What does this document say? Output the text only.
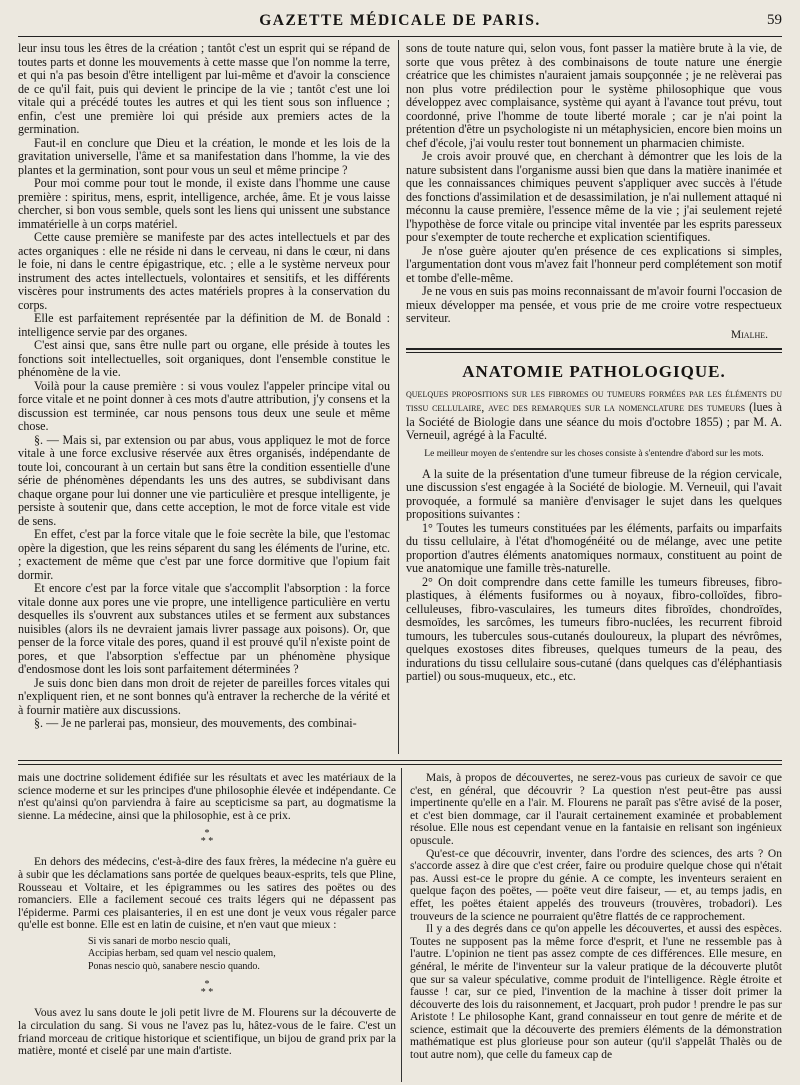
GAZETTE MÉDICALE DE PARIS.	59

leur insu tous les êtres de la création ; tantôt c'est un esprit qui se répand de toutes parts et donne les mouvements à cette masse que l'on nomme la terre, et qui n'a pas besoin d'être intelligent par lui-même et d'avoir la conscience de ce qu'il fait, puis qui devient le principe de la vie ; tantôt c'est une loi vitale qui a précédé toutes les autres et qui les tient sous son influence ; enfin, c'est une première loi qui préside aux premiers actes de la germination.

Faut-il en conclure que Dieu et la création, le monde et les lois de la gravitation universelle, l'âme et sa manifestation dans l'homme, la vie des plantes et la germination, sont pour vous un seul et même principe ?

Pour moi comme pour tout le monde, il existe dans l'homme une cause première : spiritus, mens, esprit, intelligence, archée, âme. Et je vous laisse chercher, si bon vous semble, quels sont les liens qui unissent une substance immatérielle à un corps matériel.

Cette cause première se manifeste par des actes intellectuels et par des actes organiques : elle ne réside ni dans le cerveau, ni dans le cœur, ni dans le foie, ni dans le centre épigastrique, etc. ; elle a le système nerveux pour instrument des actes intellectuels, volontaires et sensitifs, et les différents viscères pour instruments des actes matériels propres à la conservation du corps.

Elle est parfaitement représentée par la définition de M. de Bonald : intelligence servie par des organes.

C'est ainsi que, sans être nulle part ou organe, elle préside à toutes les fonctions soit intellectuelles, soit organiques, dont l'ensemble constitue le phénomène de la vie.

Voilà pour la cause première : si vous voulez l'appeler principe vital ou force vitale et ne point donner à ces mots d'autre attribution, j'y consens et la discussion est terminée, car nous pensons tous deux une seule et même chose.

§. — Mais si, par extension ou par abus, vous appliquez le mot de force vitale à une force exclusive réservée aux êtres organisés, indépendante de toute loi, concourant à un certain but sans être la condition essentielle d'une série de phénomènes dépendants les uns des autres, se subdivisant dans chaque organe pour lui donner une vie particulière et presque intelligente, je persiste à soutenir que, dans cette acception, le mot de force vitale est vide de sens.

En effet, c'est par la force vitale que le foie secrète la bile, que l'estomac opère la digestion, que les reins séparent du sang les éléments de l'urine, etc. ; exactement de même que c'est par une force dormitive que l'opium fait dormir.

Et encore c'est par la force vitale que s'accomplit l'absorption : la force vitale donne aux pores une vie propre, une intelligence particulière en vertu desquelles ils s'ouvrent aux substances utiles et se ferment aux substances nuisibles (alors ils ne devraient jamais livrer passage aux poisons). Or, que penser de la force vitale des pores, quand il est prouvé qu'il n'existe point de pores, et que l'absorption s'effectue par un phénomène physique d'endosmose dont les lois sont parfaitement déterminées ?

Je suis donc bien dans mon droit de rejeter de pareilles forces vitales qui n'expliquent rien, et ne sont bonnes qu'à entraver la recherche de la vérité et à fournir matière aux discussions.

§. — Je ne parlerai pas, monsieur, des mouvements, des combinai-

sons de toute nature qui, selon vous, font passer la matière brute à la vie, de sorte que vous prêtez à des combinaisons de toute nature une énergie créatrice que les chimistes n'auraient jamais soupçonnée ; je ne relèverai pas non plus votre prédilection pour le système philosophique que vous développez avec complaisance, système qui ayant à l'avance tout prévu, tout coordonné, prive l'homme de toute liberté morale ; car je n'ai point la prétention d'être un psychologiste ni un métaphysicien, encore bien moins un chef d'école, j'ai voulu rester tout bonnement un pharmacien chimiste.

Je crois avoir prouvé que, en cherchant à démontrer que les lois de la nature subsistent dans l'organisme aussi bien que dans la matière inanimée et que les connaissances chimiques peuvent s'appliquer avec succès à l'étude des fonctions d'assimilation et de desassimilation, je n'ai nullement attaqué ni méconnu la cause première, l'essence même de la vie ; j'ai seulement rejeté l'hypothèse de force vitale ou principe vital inventée par les esprits paresseux pour s'exempter de toute recherche et explication scientifiques.

Je n'ose guère ajouter qu'en présence de ces explications si simples, l'argumentation dont vous m'avez fait l'honneur perd complétement son motif et tombe d'elle-même.

Je ne vous en suis pas moins reconnaissant de m'avoir fourni l'occasion de mieux développer ma pensée, et vous prie de me croire votre respectueux serviteur.

Mialhe.

ANATOMIE PATHOLOGIQUE.

quelques propositions sur les fibromes ou tumeurs formées par les éléments du tissu cellulaire, avec des remarques sur la nomenclature des tumeurs (lues à la Société de Biologie dans une séance du mois d'octobre 1855) ; par M. A. Verneuil, agrégé à la Faculté.

Le meilleur moyen de s'entendre sur les choses consiste à s'entendre d'abord sur les mots.

A la suite de la présentation d'une tumeur fibreuse de la région cervicale, une discussion s'est engagée à la Société de biologie. M. Verneuil, qui l'avait provoquée, a formulé sa manière d'envisager le sujet dans les quelques propositions suivantes :

1° Toutes les tumeurs constituées par les éléments, parfaits ou imparfaits du tissu cellulaire, à l'état d'homogénéité ou de mélange, avec une petite proportion d'autres éléments anatomiques normaux, constituent au point de vue anatomique une famille très-naturelle.

2° On doit comprendre dans cette famille les tumeurs fibreuses, fibro-plastiques, à éléments fusiformes ou à noyaux, fibro-colloïdes, fibro-celluleuses, fibro-vasculaires, les tumeurs dites fibroïdes, chondroïdes, desmoïdes, les sarcômes, les tumeurs fibro-nuclées, les recurrent fibroid tumours, les tubercules sous-cutanés douloureux, la plupart des névrômes, quelques exostoses dites fibreuses, quelques tumeurs de la peau, des indurations du tissu cellulaire sous-cutané (dans quelques cas d'éléphantiasis partiel) ou sous-muqueux, etc., etc.

mais une doctrine solidement édifiée sur les résultats et avec les matériaux de la science moderne et sur les principes d'une philosophie élevée et indépendante. Ce n'est qu'ainsi qu'on parviendra à faire au scepticisme sa part, au dogmatisme la sienne. La médecine, ainsi que la philosophie, est à ce prix.

*
* *

En dehors des médecins, c'est-à-dire des faux frères, la médecine n'a guère eu à subir que les déclamations sans portée de quelques beaux-esprits, tels que Pline, Rousseau et Voltaire, et les épigrammes ou les satires des poëtes ou des romanciers. Elle a facilement secoué ces traits légers qui ne dépassent pas l'épiderme. Parmi ces plaisanteries, il en est une dont je veux vous régaler parce qu'elle est bonne. Elle est en latin de cuisine, et n'en vaut que mieux :

Si vis sanari de morbo nescio quali,
Accipias herbam, sed quam vel nescio qualem,
Ponas nescio quò, sanabere nescio quando.

*
* *

Vous avez lu sans doute le joli petit livre de M. Flourens sur la découverte de la circulation du sang. Si vous ne l'avez pas lu, hâtez-vous de le faire. C'est un friand morceau de critique historique et scientifique, un bijou de grand prix par la matière, monté et ciselé par une main d'artiste.

Mais, à propos de découvertes, ne serez-vous pas curieux de savoir ce que c'est, en général, que découvrir ? La question n'est peut-être pas aussi impertinente qu'elle en a l'air. M. Flourens ne paraît pas s'être avisé de la poser, et c'est bien dommage, car il l'aurait certainement examinée et probablement résolue. Elle nous est cependant venue en la fantaisie en relisant son ingénieux opuscule.

Qu'est-ce que découvrir, inventer, dans l'ordre des sciences, des arts ? On s'accorde assez à dire que c'est créer, faire ou produire quelque chose qui n'était pas. Aussi est-ce le propre du génie. A ce compte, les inventeurs seraient en quelque façon des poëtes, — poëte veut dire faiseur, — et, au temps jadis, en effet, les poëtes étaient appelés des trouveurs (trouvères, trobadori). Les trouveurs de la science ne pourraient qu'être flattés de ce rapprochement.

Il y a des degrés dans ce qu'on appelle les découvertes, et aussi des espèces. Toutes ne supposent pas la même force d'esprit, et l'une ne ressemble pas à l'autre. L'opinion ne tient pas assez compte de ces différences. Elle mesure, en général, le mérite de l'inventeur sur la valeur pratique de la découverte plutôt que sur sa valeur spéculative, comme produit de l'intelligence. Règle étroite et fausse ! car, sur ce pied, l'invention de la machine à tisser doit primer la découverte des lois du raisonnement, et Jacquart, proh pudor ! prendre le pas sur Aristote ! Le philosophe Kant, grand connaisseur en tout genre de mérite et de science, estimait que la découverte des premiers éléments de la démonstration mathématique est plus glorieuse pour son auteur (qu'il s'appelât Thalès ou de tout autre nom), que celle du fameux cap de
